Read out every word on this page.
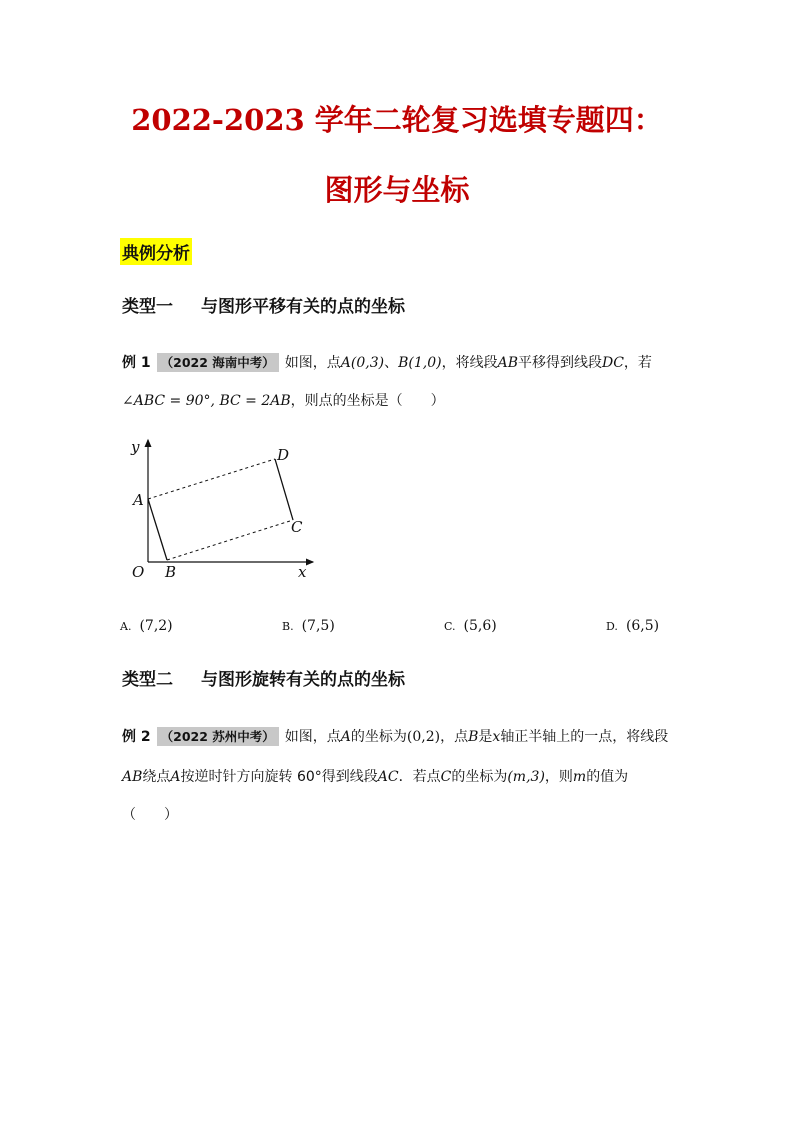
2022-2023 学年二轮复习选填专题四：
图形与坐标
典例分析
类型一 与图形平移有关的点的坐标
例 1 （2022 海南中考） 如图，点A(0,3)、B(1,0)，将线段AB平移得到线段DC，若
∠ABC = 90°, BC = 2AB，则点的坐标是（　　）
y
x
O
A
B
C
D
A. (7,2)	B. (7,5)	C. (5,6)	D. (6,5)
类型二 与图形旋转有关的点的坐标
例 2 （2022 苏州中考） 如图，点A的坐标为(0,2)，点B是x轴正半轴上的一点，将线段
AB绕点A按逆时针方向旋转 60°得到线段AC．若点C的坐标为(m,3)，则m的值为
（　　）
